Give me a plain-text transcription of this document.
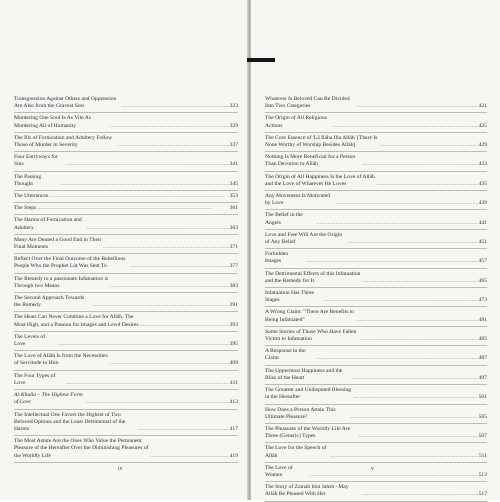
Transgression Against Others and Oppression Are Also from the Gravest Sins . . .	323
Murdering One Soul Is As Vile As Murdering All of Humanity . . .	329
The Ills of Fornication and Adultery Follow Those of Murder in Severity . . .	337
Four Entryways for Sins . . .	341
The Passing Thought . . .	345
The Utterances . . .	353
The Steps . . .	361
The Harms of Fornication and Adultery . . .	363
Many Are Denied a Good End in Their Final Moments . . .	371
Reflect Over the Final Outcome of the Rebellious People Who the Prophet Lūṭ Was Sent To . . .	377
The Remedy to a passionate Infatuation is Through two Means . . .	383
The Second Approach Towards the Remedy . . .	391
The Heart Can Never Combine a Love for Allāh, The Most High, and a Passion for Images and Lewd Desires . . .	393
The Levels of Love . . .	395
The Love of Allāh Is from the Necessities of Servitude to Him . . .	409
The Four Types of Love . . .	411
Al-Khulla – The Highest Form of Love . . .	413
The Intellectual One Favors the Highest of Two Beloved Options and the Least Detrimental of the Harms . . .	417
The Most Astute Are the Ones Who Value the Permanent Pleasure of the Hereafter Over the Diminishing Pleasures of the Worldly Life . . .	419
iv
Whatever Is Beloved Can Be Divided Into Two Categories . . .	421
The Origin of All Religious Actions . . .	425
The Core Essence of 'Lā Ilāha Illa Allāh' [There Is None Worthy of Worship Besides Allāh] . . .	429
Nothing Is More Beneficial for a Person Than Devotion to Allāh . . .	433
The Origin of All Happiness Is the Love of Allāh and the Love of Whatever He Loves . . .	435
Any Movement Is Motivated by Love . . .	439
The Belief in the Angels . . .	441
Love and Free Will Are the Origin of Any Belief . . .	451
Forbidden Images . . .	457
The Detrimental Effects of this Infatuation and the Remedy for It . . .	465
Infatuation Has Three Stages . . .	473
A Wrong Claim: "There Are Benefits to Being Infatuated" . . .	481
Some Stories of Those Who Have Fallen Victim to Infatuation . . .	485
A Response to the Claim . . .	487
The Uppermost Happiness and the Bliss of the Heart . . .	497
The Greatest and Undisputed Blessing in the Hereafter . . .	501
How Does a Person Attain This Ultimate Pleasure? . . .	505
The Pleasures of the Worldly Life Are Three (Generic) Types . . .	507
The Love for the Speech of Allāh . . .	511
The Love of Women . . .	513
The Story of Zainab bint Jahsh –May Allāh Be Pleased With Her . . .	517
v
